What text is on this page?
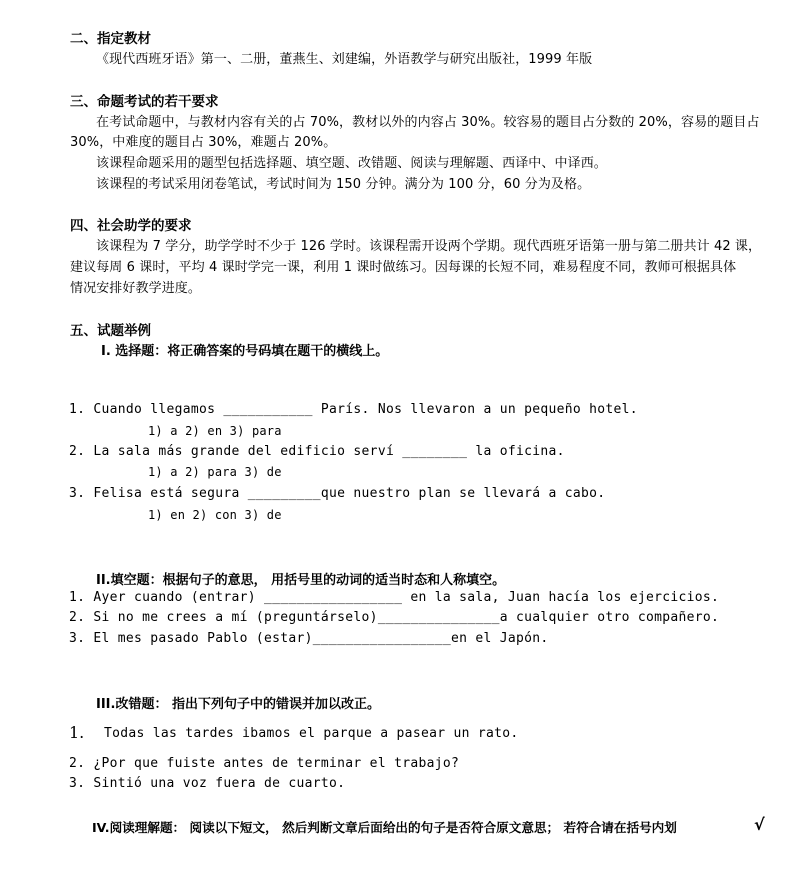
二、指定教材
《现代西班牙语》第一、二册，董燕生、刘建编，外语教学与研究出版社，1999 年版
三、命题考试的若干要求
在考试命题中，与教材内容有关的占 70%，教材以外的内容占 30%。较容易的题目占分数的 20%，容易的题目占
30%，中难度的题目占 30%，难题占 20%。
该课程命题采用的题型包括选择题、填空题、改错题、阅读与理解题、西译中、中译西。
该课程的考试采用闭卷笔试，考试时间为 150 分钟。满分为 100 分，60 分为及格。
四、社会助学的要求
该课程为 7 学分，助学学时不少于 126 学时。该课程需开设两个学期。现代西班牙语第一册与第二册共计 42 课，
建议每周 6 课时，平均 4 课时学完一课，利用 1 课时做练习。因每课的长短不同，难易程度不同，教师可根据具体
情况安排好教学进度。
五、试题举例
Ⅰ. 选择题：将正确答案的号码填在题干的横线上。
1. Cuando llegamos ___________ París. Nos llevaron a un pequeño hotel.
1) a 2) en 3) para
2. La sala más grande del edificio serví ________ la oficina.
1) a 2) para 3) de
3. Felisa está segura _________que nuestro plan se llevará a cabo.
1) en 2) con 3) de
II.填空题：根据句子的意思， 用括号里的动词的适当时态和人称填空。
1. Ayer cuando (entrar) _________________ en la sala, Juan hacía los ejercicios.
2. Si no me crees a mí (preguntárselo)_______________a cualquier otro compañero.
3. El mes pasado Pablo (estar)_________________en el Japón.
III.改错题： 指出下列句子中的错误并加以改正。
1. Todas las tardes ibamos el parque a pasear un rato.
2. ¿Por que fuiste antes de terminar el trabajo?
3. Sintió una voz fuera de cuarto.
IV.阅读理解题： 阅读以下短文， 然后判断文章后面给出的句子是否符合原文意思； 若符合请在括号内划	√
